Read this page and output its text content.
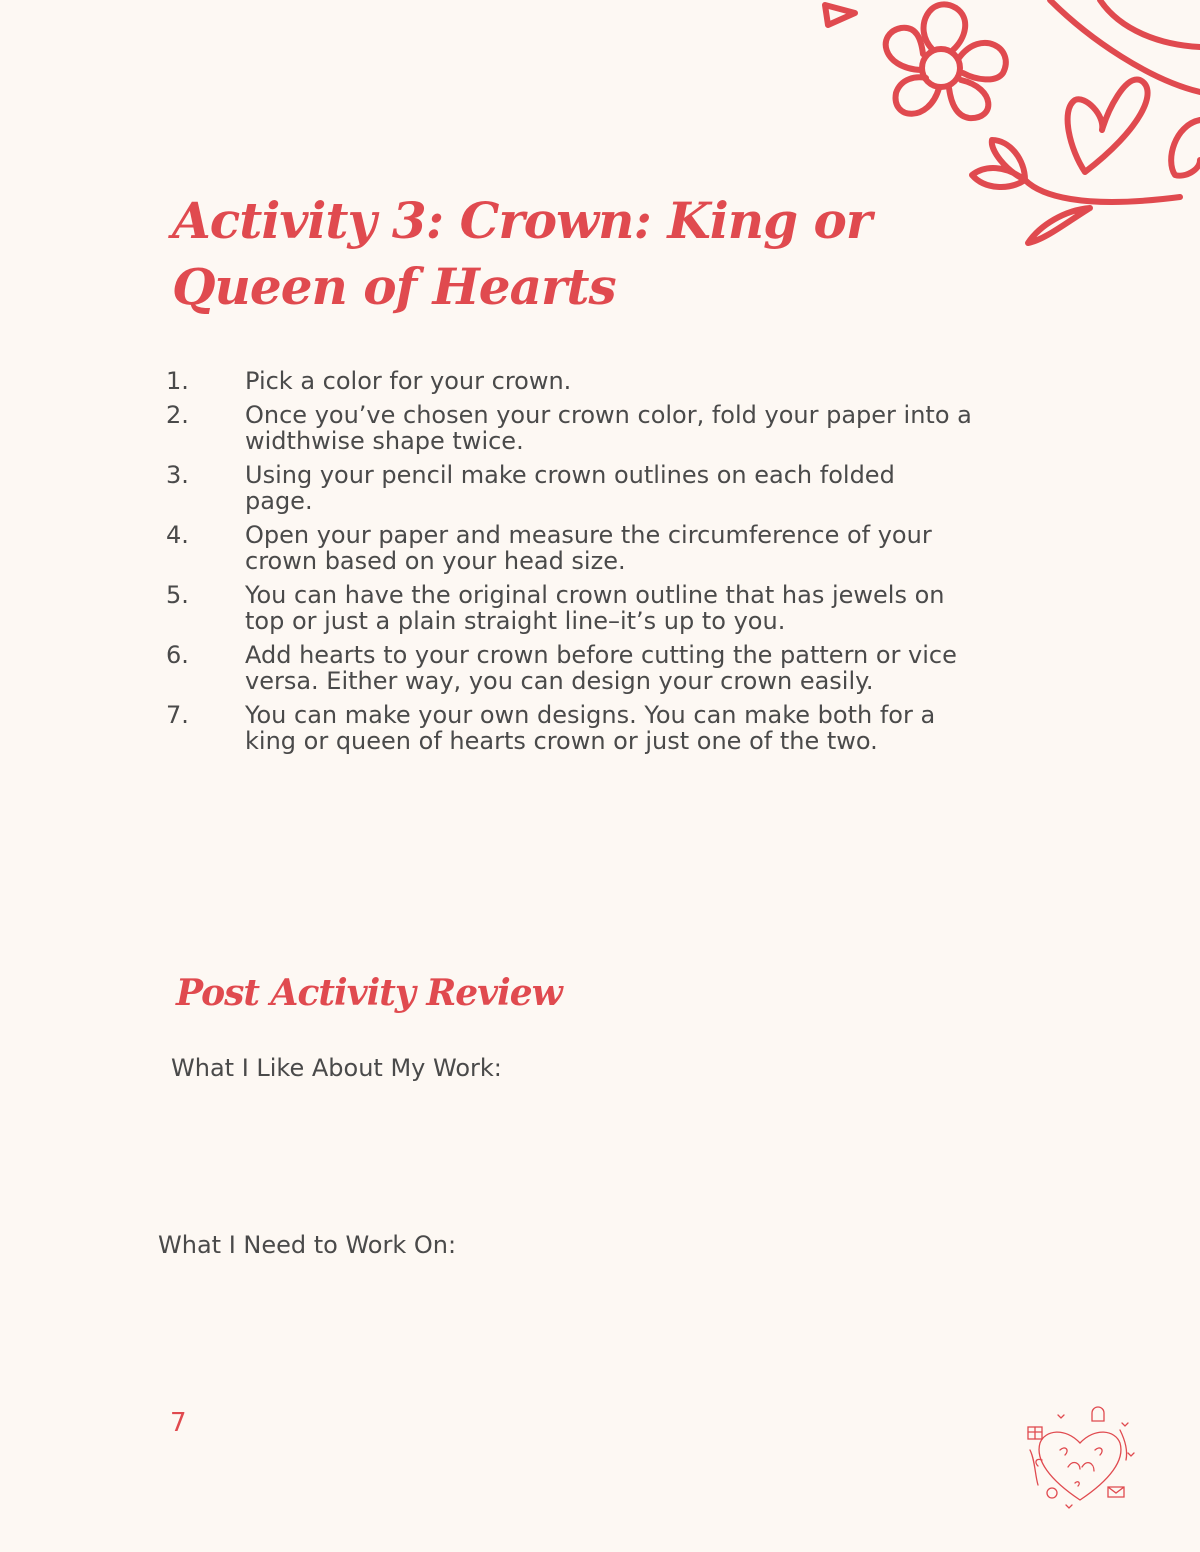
Activity 3: Crown: King or
Queen of Hearts
1. Pick a color for your crown.
2. Once you’ve chosen your crown color, fold your paper into a
widthwise shape twice.
3. Using your pencil make crown outlines on each folded
page.
4. Open your paper and measure the circumference of your
crown based on your head size.
5. You can have the original crown outline that has jewels on
top or just a plain straight line–it’s up to you.
6. Add hearts to your crown before cutting the pattern or vice
versa. Either way, you can design your crown easily.
7. You can make your own designs. You can make both for a
king or queen of hearts crown or just one of the two.
Post Activity Review
What I Like About My Work:
What I Need to Work On:
7
